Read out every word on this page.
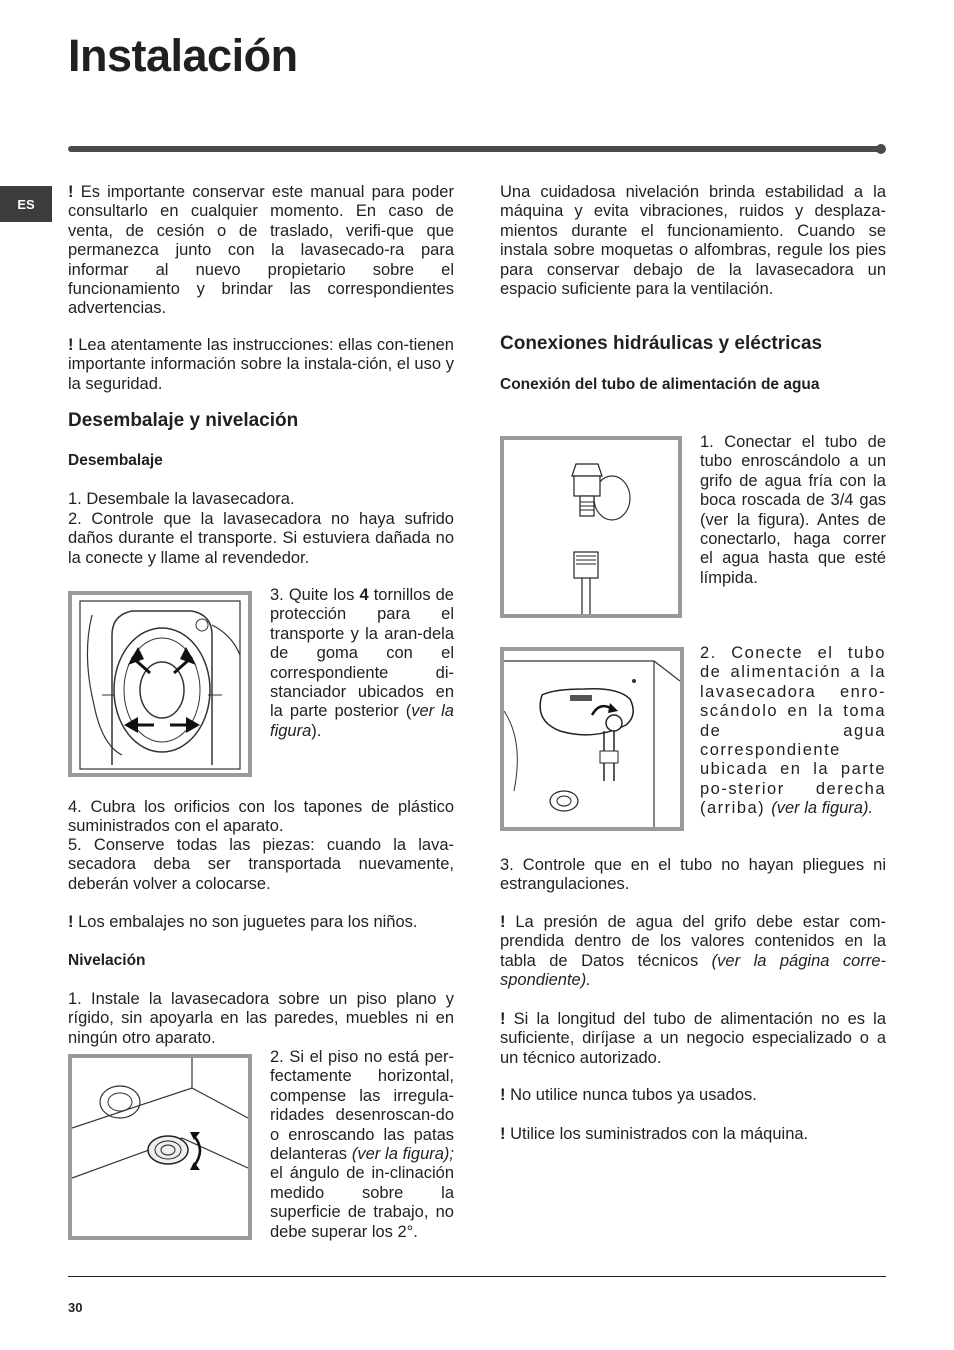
Instalación
ES

! Es importante conservar este manual para poder consultarlo en cualquier momento. En caso de venta, de cesión o de traslado, verifi-que que permanezca junto con la lavasecado-ra para informar al nuevo propietario sobre el funcionamiento y brindar las correspondientes advertencias.

! Lea atentamente las instrucciones: ellas con-tienen importante información sobre la instala-ción, el uso y la seguridad.

Desembalaje y nivelación
Desembalaje

1. Desembale la lavasecadora.

2. Controle que la lavasecadora no haya sufrido daños durante el transporte. Si estuviera dañada no la conecte y llame al revendedor.

3. Quite los 4 tornillos de protección para el transporte y la aran-dela de goma con el correspondiente di-stanciador ubicados en la parte posterior (ver la figura).

4. Cubra los orificios con los tapones de plástico suministrados con el aparato.

5. Conserve todas las piezas: cuando la lava-secadora deba ser transportada nuevamente, deberán volver a colocarse.

! Los embalajes no son juguetes para los niños.

Nivelación

1. Instale la lavasecadora sobre un piso plano y rígido, sin apoyarla en las paredes, muebles ni en ningún otro aparato.

2. Si el piso no está per-fectamente horizontal, compense las irregula-ridades desenroscan-do o enroscando las patas delanteras (ver la figura); el ángulo de in-clinación medido sobre la superficie de trabajo, no debe superar los 2°.

Una cuidadosa nivelación brinda estabilidad a la máquina y evita vibraciones, ruidos y desplaza-mientos durante el funcionamiento. Cuando se instala sobre moquetas o alfombras, regule los pies para conservar debajo de la lavasecadora un espacio suficiente para la ventilación.

Conexiones hidráulicas y eléctricas
Conexión del tubo de alimentación de agua

1. Conectar el tubo de tubo enroscándolo a un grifo de agua fría con la boca roscada de 3/4 gas (ver la figura). Antes de conectarlo, haga correr el agua hasta que esté límpida.

2. Conecte el tubo de alimentación a la lavasecadora enro-scándolo en la toma de agua correspondiente ubicada en la parte po-sterior derecha (arriba) (ver la figura).

3. Controle que en el tubo no hayan pliegues ni estrangulaciones.

! La presión de agua del grifo debe estar com-prendida dentro de los valores contenidos en la tabla de Datos técnicos (ver la página corre-spondiente).

! Si la longitud del tubo de alimentación no es la suficiente, diríjase a un negocio especializado o a un técnico autorizado.

! No utilice nunca tubos ya usados.

! Utilice los suministrados con la máquina.

30
